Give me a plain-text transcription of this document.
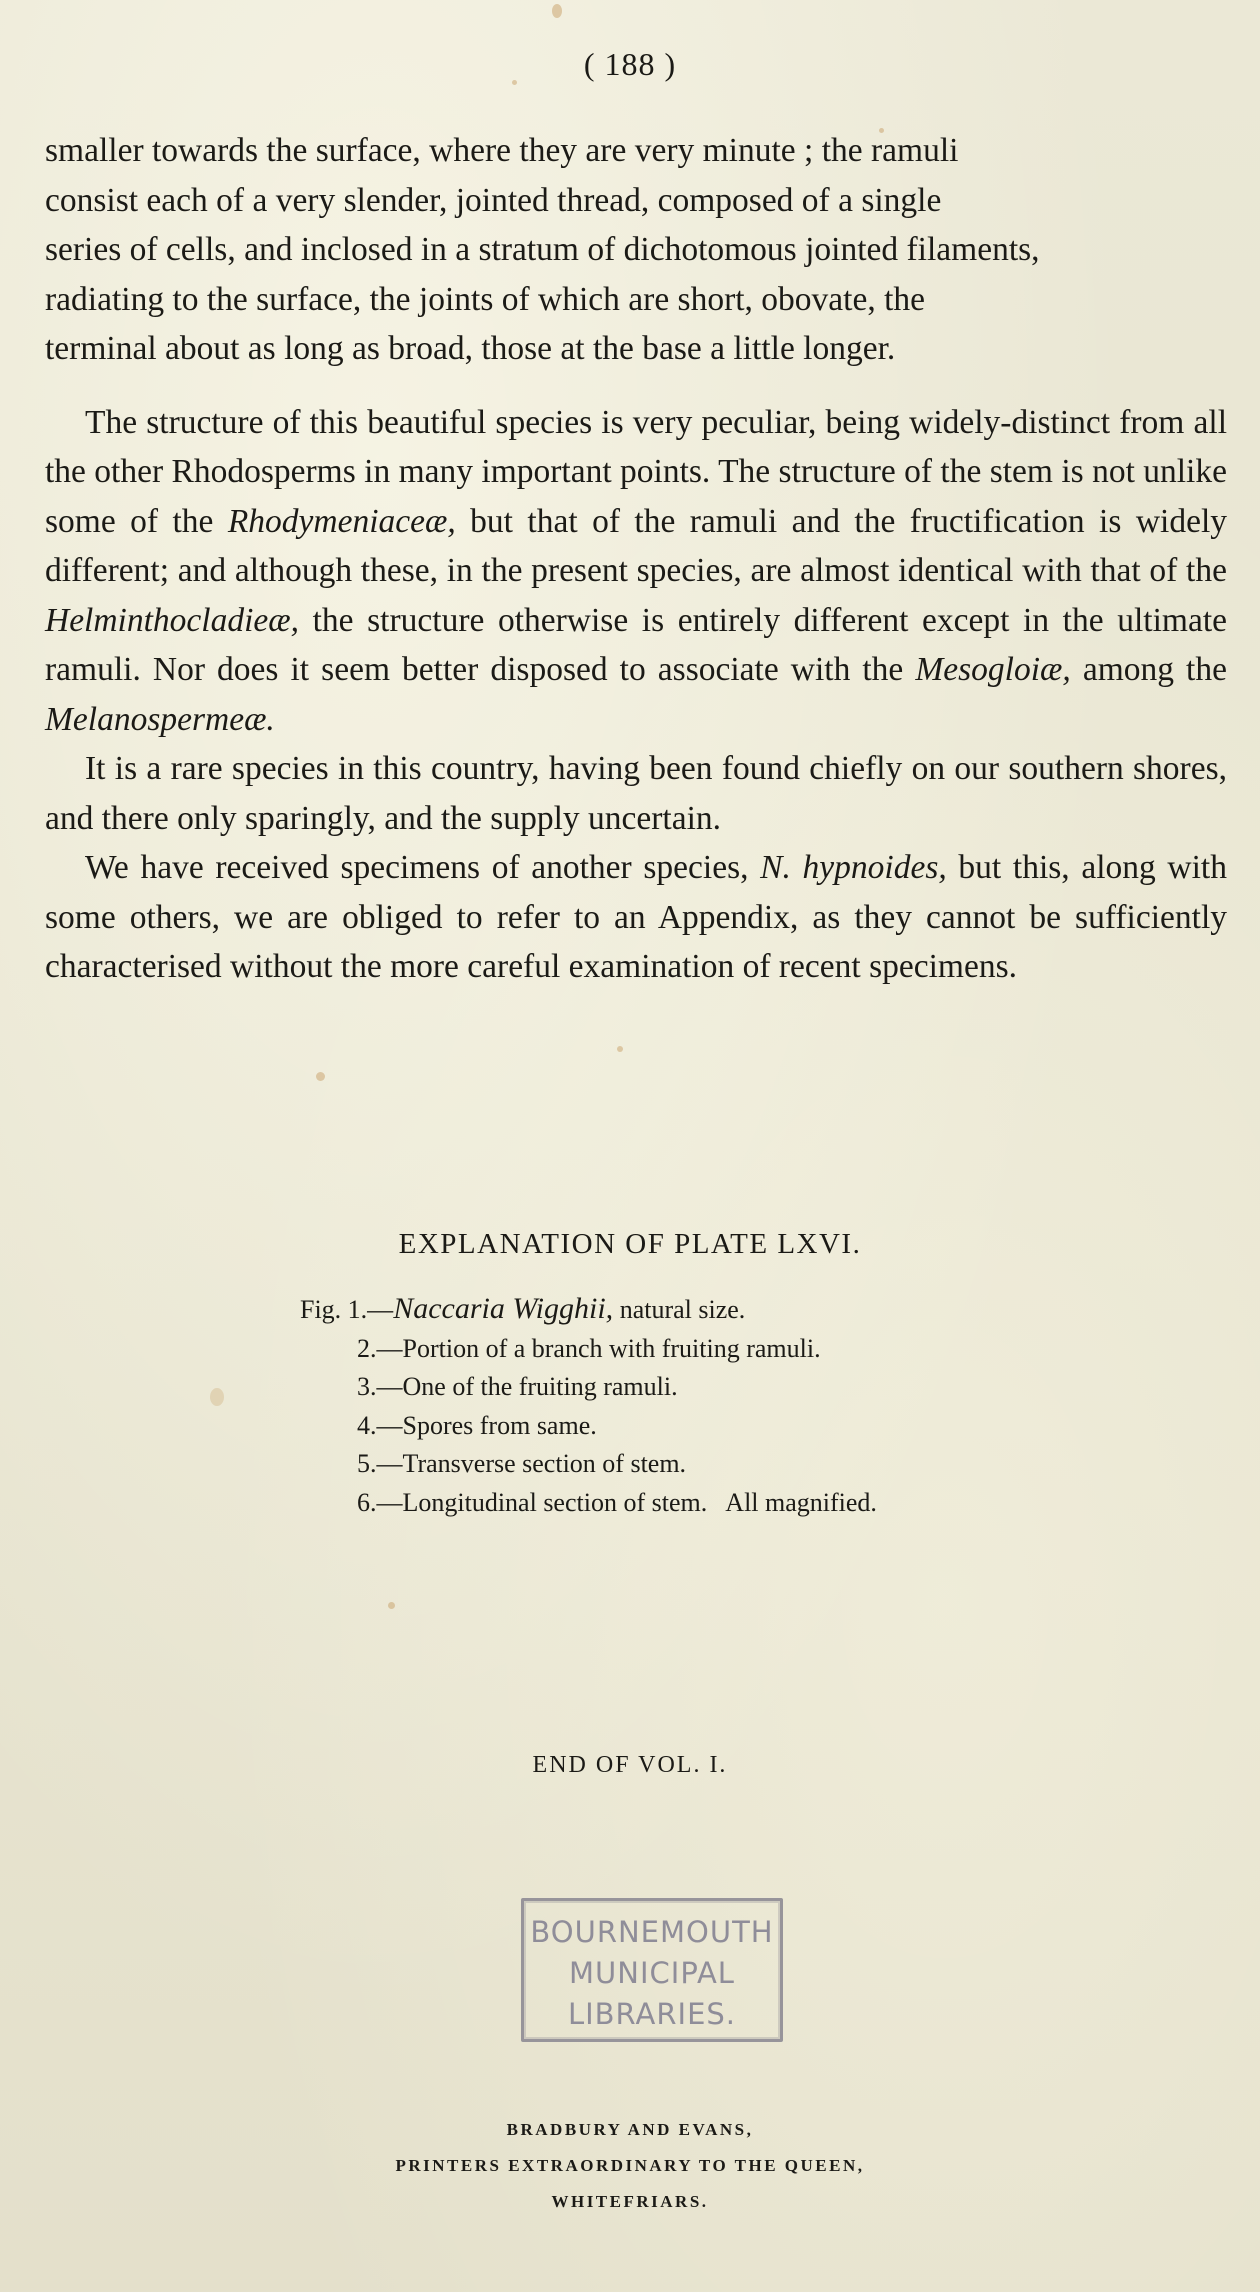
( 188 )

smaller towards the surface, where they are very minute ; the ramuli
consist each of a very slender, jointed thread, composed of a single
series of cells, and inclosed in a stratum of dichotomous jointed filaments,
radiating to the surface, the joints of which are short, obovate, the
terminal about as long as broad, those at the base a little longer.

The structure of this beautiful species is very peculiar, being widely-distinct from all the other Rhodosperms in many important points. The structure of the stem is not unlike some of the Rhodymeniaceæ, but that of the ramuli and the fructification is widely different; and although these, in the present species, are almost identical with that of the Helminthocladieæ, the structure otherwise is entirely different except in the ultimate ramuli. Nor does it seem better disposed to associate with the Mesogloiæ, among the Melanospermeæ.

It is a rare species in this country, having been found chiefly on our southern shores, and there only sparingly, and the supply uncertain.

We have received specimens of another species, N. hypnoides, but this, along with some others, we are obliged to refer to an Appendix, as they cannot be sufficiently characterised without the more careful examination of recent specimens.

EXPLANATION OF PLATE LXVI.
Fig. 1.—Naccaria Wigghii, natural size.
2.—Portion of a branch with fruiting ramuli.
3.—One of the fruiting ramuli.
4.—Spores from same.
5.—Transverse section of stem.
6.—Longitudinal section of stem.   All magnified.
END OF VOL. I.
BOURNEMOUTH
MUNICIPAL
LIBRARIES.
BRADBURY AND EVANS,
PRINTERS EXTRAORDINARY TO THE QUEEN,
WHITEFRIARS.
